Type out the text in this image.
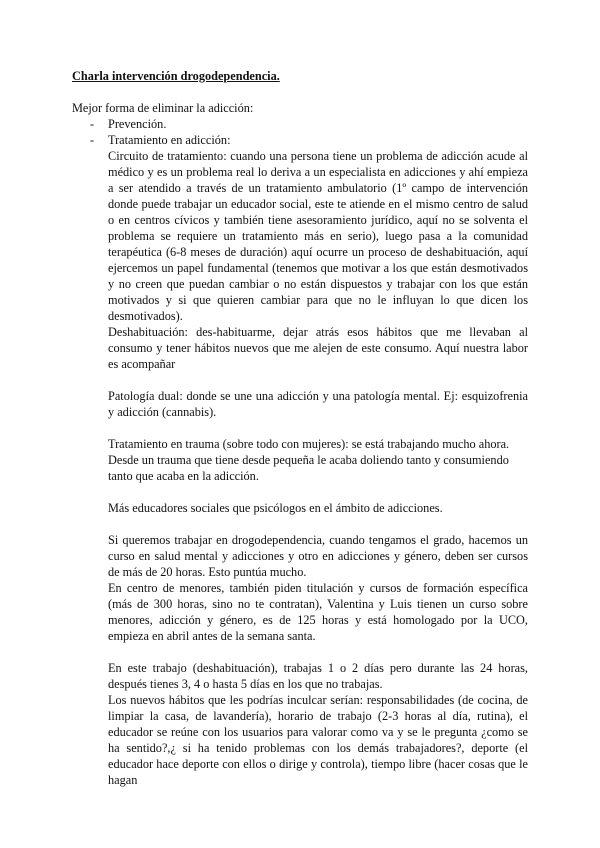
Charla intervención drogodependencia.

Mejor forma de eliminar la adicción:

- Prevención.
- Tratamiento en adicción:

Circuito de tratamiento: cuando una persona tiene un problema de adicción acude al médico y es un problema real lo deriva a un especialista en adicciones y ahí empieza a ser atendido a través de un tratamiento ambulatorio (1º campo de intervención donde puede trabajar un educador social, este te atiende en el mismo centro de salud o en centros cívicos y también tiene asesoramiento jurídico, aquí no se solventa el problema se requiere un tratamiento más en serio), luego pasa a la comunidad terapéutica (6-8 meses de duración) aquí ocurre un proceso de deshabituación, aquí ejercemos un papel fundamental (tenemos que motivar a los que están desmotivados y no creen que puedan cambiar o no están dispuestos y trabajar con los que están motivados y si que quieren cambiar para que no le influyan lo que dicen los desmotivados).

Deshabituación: des-habituarme, dejar atrás esos hábitos que me llevaban al consumo y tener hábitos nuevos que me alejen de este consumo. Aquí nuestra labor es acompañar

Patología dual: donde se une una adicción y una patología mental. Ej: esquizofrenia y adicción (cannabis).

Tratamiento en trauma (sobre todo con mujeres): se está trabajando mucho ahora.

Desde un trauma que tiene desde pequeña le acaba doliendo tanto y consumiendo tanto que acaba en la adicción.

Más educadores sociales que psicólogos en el ámbito de adicciones.

Si queremos trabajar en drogodependencia, cuando tengamos el grado, hacemos un curso en salud mental y adicciones y otro en adicciones y género, deben ser cursos de más de 20 horas. Esto puntúa mucho.

En centro de menores, también piden titulación y cursos de formación específica (más de 300 horas, sino no te contratan), Valentina y Luis tienen un curso sobre menores, adicción y género, es de 125 horas y está homologado por la UCO, empieza en abril antes de la semana santa.

En este trabajo (deshabituación), trabajas 1 o 2 días pero durante las 24 horas, después tienes 3, 4 o hasta 5 días en los que no trabajas.

Los nuevos hábitos que les podrías inculcar serían: responsabilidades (de cocina, de limpiar la casa, de lavandería), horario de trabajo (2-3 horas al día, rutina), el educador se reúne con los usuarios para valorar como va y se le pregunta ¿como se ha sentido?,¿ si ha tenido problemas con los demás trabajadores?, deporte (el educador hace deporte con ellos o dirige y controla), tiempo libre (hacer cosas que le hagan
